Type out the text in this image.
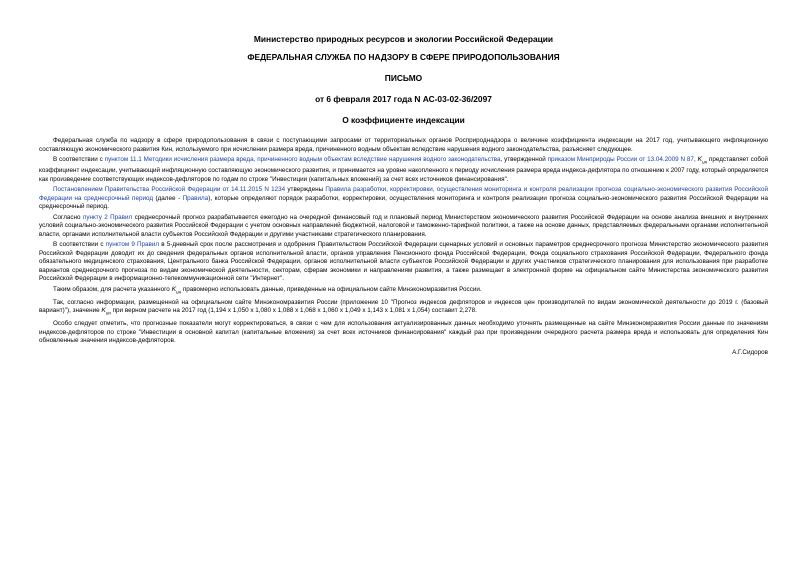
Министерство природных ресурсов и экологии Российской Федерации
ФЕДЕРАЛЬНАЯ СЛУЖБА ПО НАДЗОРУ В СФЕРЕ ПРИРОДОПОЛЬЗОВАНИЯ
ПИСЬМО
от 6 февраля 2017 года N АС-03-02-36/2097
О коэффициенте индексации

Федеральная служба по надзору в сфере природопользования в связи с поступающими запросами от территориальных органов Росприроднадзора о величине коэффициента индексации на 2017 год, учитывающего инфляционную составляющую экономического развития Кин, используемого при исчислении размера вреда, причиненного водным объектам вследствие нарушения водного законодательства, разъясняет следующее.

В соответствии с пунктом 11.1 Методики исчисления размера вреда, причиненного водным объектам вследствие нарушения водного законодательства, утвержденной приказом Минприроды России от 13.04.2009 N 87, $K_{ин}$ представляет собой коэффициент индексации, учитывающий инфляционную составляющую экономического развития, и принимается на уровне накопленного к периоду исчисления размера вреда индекса-дефлятора по отношению к 2007 году, который определяется как произведение соответствующих индексов-дефляторов по годам по строке "Инвестиции (капитальных вложений) за счет всех источников финансирования".

Постановлением Правительства Российской Федерации от 14.11.2015 N 1234 утверждены Правила разработки, корректировки, осуществления мониторинга и контроля реализации прогноза социально-экономического развития Российской Федерации на среднесрочный период (далее - Правила), которые определяют порядок разработки, корректировки, осуществления мониторинга и контроля реализации прогноза социально-экономического развития Российской Федерации на среднесрочный период.

Согласно пункту 2 Правил среднесрочный прогноз разрабатывается ежегодно на очередной финансовый год и плановый период Министерством экономического развития Российской Федерации на основе анализа внешних и внутренних условий социально-экономического развития Российской Федерации с учетом основных направлений бюджетной, налоговой и таможенно-тарифной политики, а также на основе данных, представляемых федеральными органами исполнительной власти, органами исполнительной власти субъектов Российской Федерации и другими участниками стратегического планирования.

В соответствии с пунктом 9 Правил в 5-дневный срок после рассмотрения и одобрения Правительством Российской Федерации сценарных условий и основных параметров среднесрочного прогноза Министерство экономического развития Российской Федерации доводит их до сведения федеральных органов исполнительной власти, органов управления Пенсионного фонда Российской Федерации, Фонда социального страхования Российской Федерации, Федерального фонда обязательного медицинского страхования, Центрального банка Российской Федерации, органов исполнительной власти субъектов Российской Федерации и других участников стратегического планирования для использования при разработке вариантов среднесрочного прогноза по видам экономической деятельности, секторам, сферам экономики и направлениям развития, а также размещает в электронной форме на официальном сайте Министерства экономического развития Российской Федерации в информационно-телекоммуникационной сети "Интернет".

Таким образом, для расчета указанного $K_{ин}$ правомерно использовать данные, приведенные на официальном сайте Минэкономразвития России.

Так, согласно информации, размещенной на официальном сайте Минэкономразвития России (приложение 10 "Прогноз индексов дефляторов и индексов цен производителей по видам экономической деятельности до 2019 г. (базовый вариант)"), значение $K_{ин}$ при верном расчете на 2017 год (1,194 x 1,050 x 1,080 x 1,088 x 1,068 x 1,060 x 1,049 x 1,143 x 1,081 x 1,054) составит 2,278.

Особо следует отметить, что прогнозные показатели могут корректироваться, в связи с чем для использования актуализированных данных необходимо уточнять размещенные на сайте Минэкономразвития России данные по значениям индексов-дефляторов по строке "Инвестиции в основной капитал (капитальные вложения) за счет всех источников финансирования" каждый раз при произведении очередного расчета размера вреда и использовать для определения Кин обновленные значения индексов-дефляторов.

А.Г.Сидоров
